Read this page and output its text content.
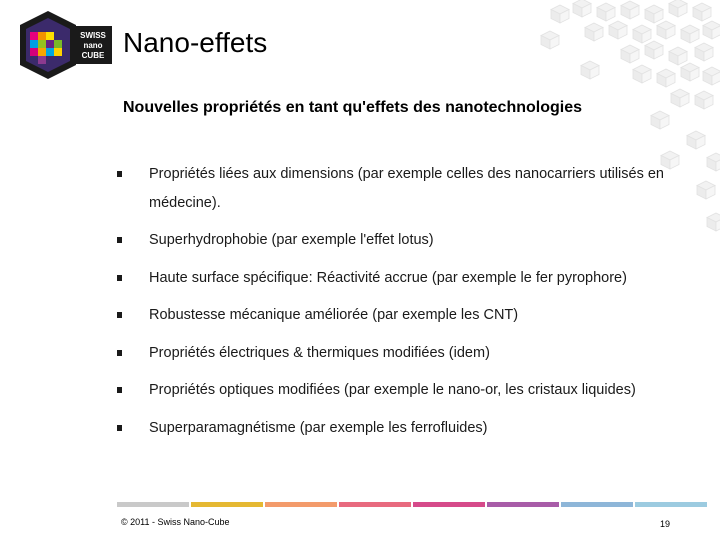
SWISS
nano
CUBE Nano-effets
Nouvelles propriétés en tant qu'effets des nanotechnologies
Propriétés liées aux dimensions (par exemple celles des nanocarriers utilisés en médecine).
Superhydrophobie (par exemple l'effet lotus)
Haute surface spécifique: Réactivité accrue (par exemple le fer pyrophore)
Robustesse mécanique améliorée (par exemple les CNT)
Propriétés électriques & thermiques modifiées (idem)
Propriétés optiques modifiées (par exemple le nano-or, les cristaux liquides)
Superparamagnétisme (par exemple les ferrofluides)
© 2011 - Swiss Nano-Cube	19
